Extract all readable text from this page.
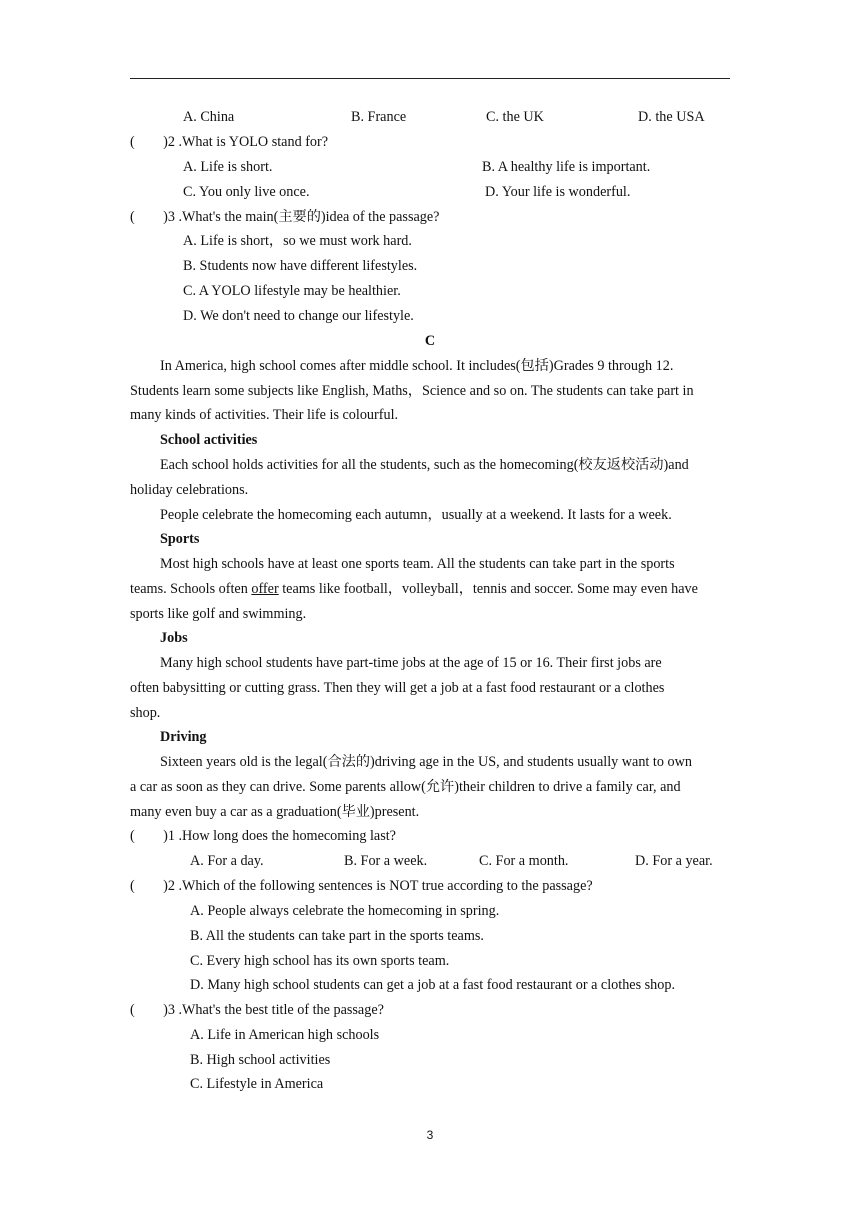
A. China	B. France	C. the UK	D. the USA
(　　)2 .What is YOLO stand for?
A. Life is short.	B. A healthy life is important.
C. You only live once.	D. Your life is wonderful.
(　　)3 .What's the main(主要的)idea of the passage?
A. Life is short，so we must work hard.
B. Students now have different lifestyles.
C. A YOLO lifestyle may be healthier.
D. We don't need to change our lifestyle.
C
In America, high school comes after middle school. It includes(包括)Grades 9 through 12.
Students learn some subjects like English, Maths，Science and so on. The students can take part in
many kinds of activities. Their life is colourful.
School activities
Each school holds activities for all the students, such as the homecoming(校友返校活动)and
holiday celebrations.
People celebrate the homecoming each autumn，usually at a weekend. It lasts for a week.
Sports
Most high schools have at least one sports team. All the students can take part in the sports
teams. Schools often offer teams like football，volleyball，tennis and soccer. Some may even have
sports like golf and swimming.
Jobs
Many high school students have part-time jobs at the age of 15 or 16. Their first jobs are
often babysitting or cutting grass. Then they will get a job at a fast food restaurant or a clothes
shop.
Driving
Sixteen years old is the legal(合法的)driving age in the US, and students usually want to own
a car as soon as they can drive. Some parents allow(允许)their children to drive a family car, and
many even buy a car as a graduation(毕业)present.
(　　)1 .How long does the homecoming last?
A. For a day.	B. For a week.	C. For a month.	D. For a year.
(　　)2 .Which of the following sentences is NOT true according to the passage?
A. People always celebrate the homecoming in spring.
B. All the students can take part in the sports teams.
C. Every high school has its own sports team.
D. Many high school students can get a job at a fast food restaurant or a clothes shop.
(　　)3 .What's the best title of the passage?
A. Life in American high schools
B. High school activities
C. Lifestyle in America
3
